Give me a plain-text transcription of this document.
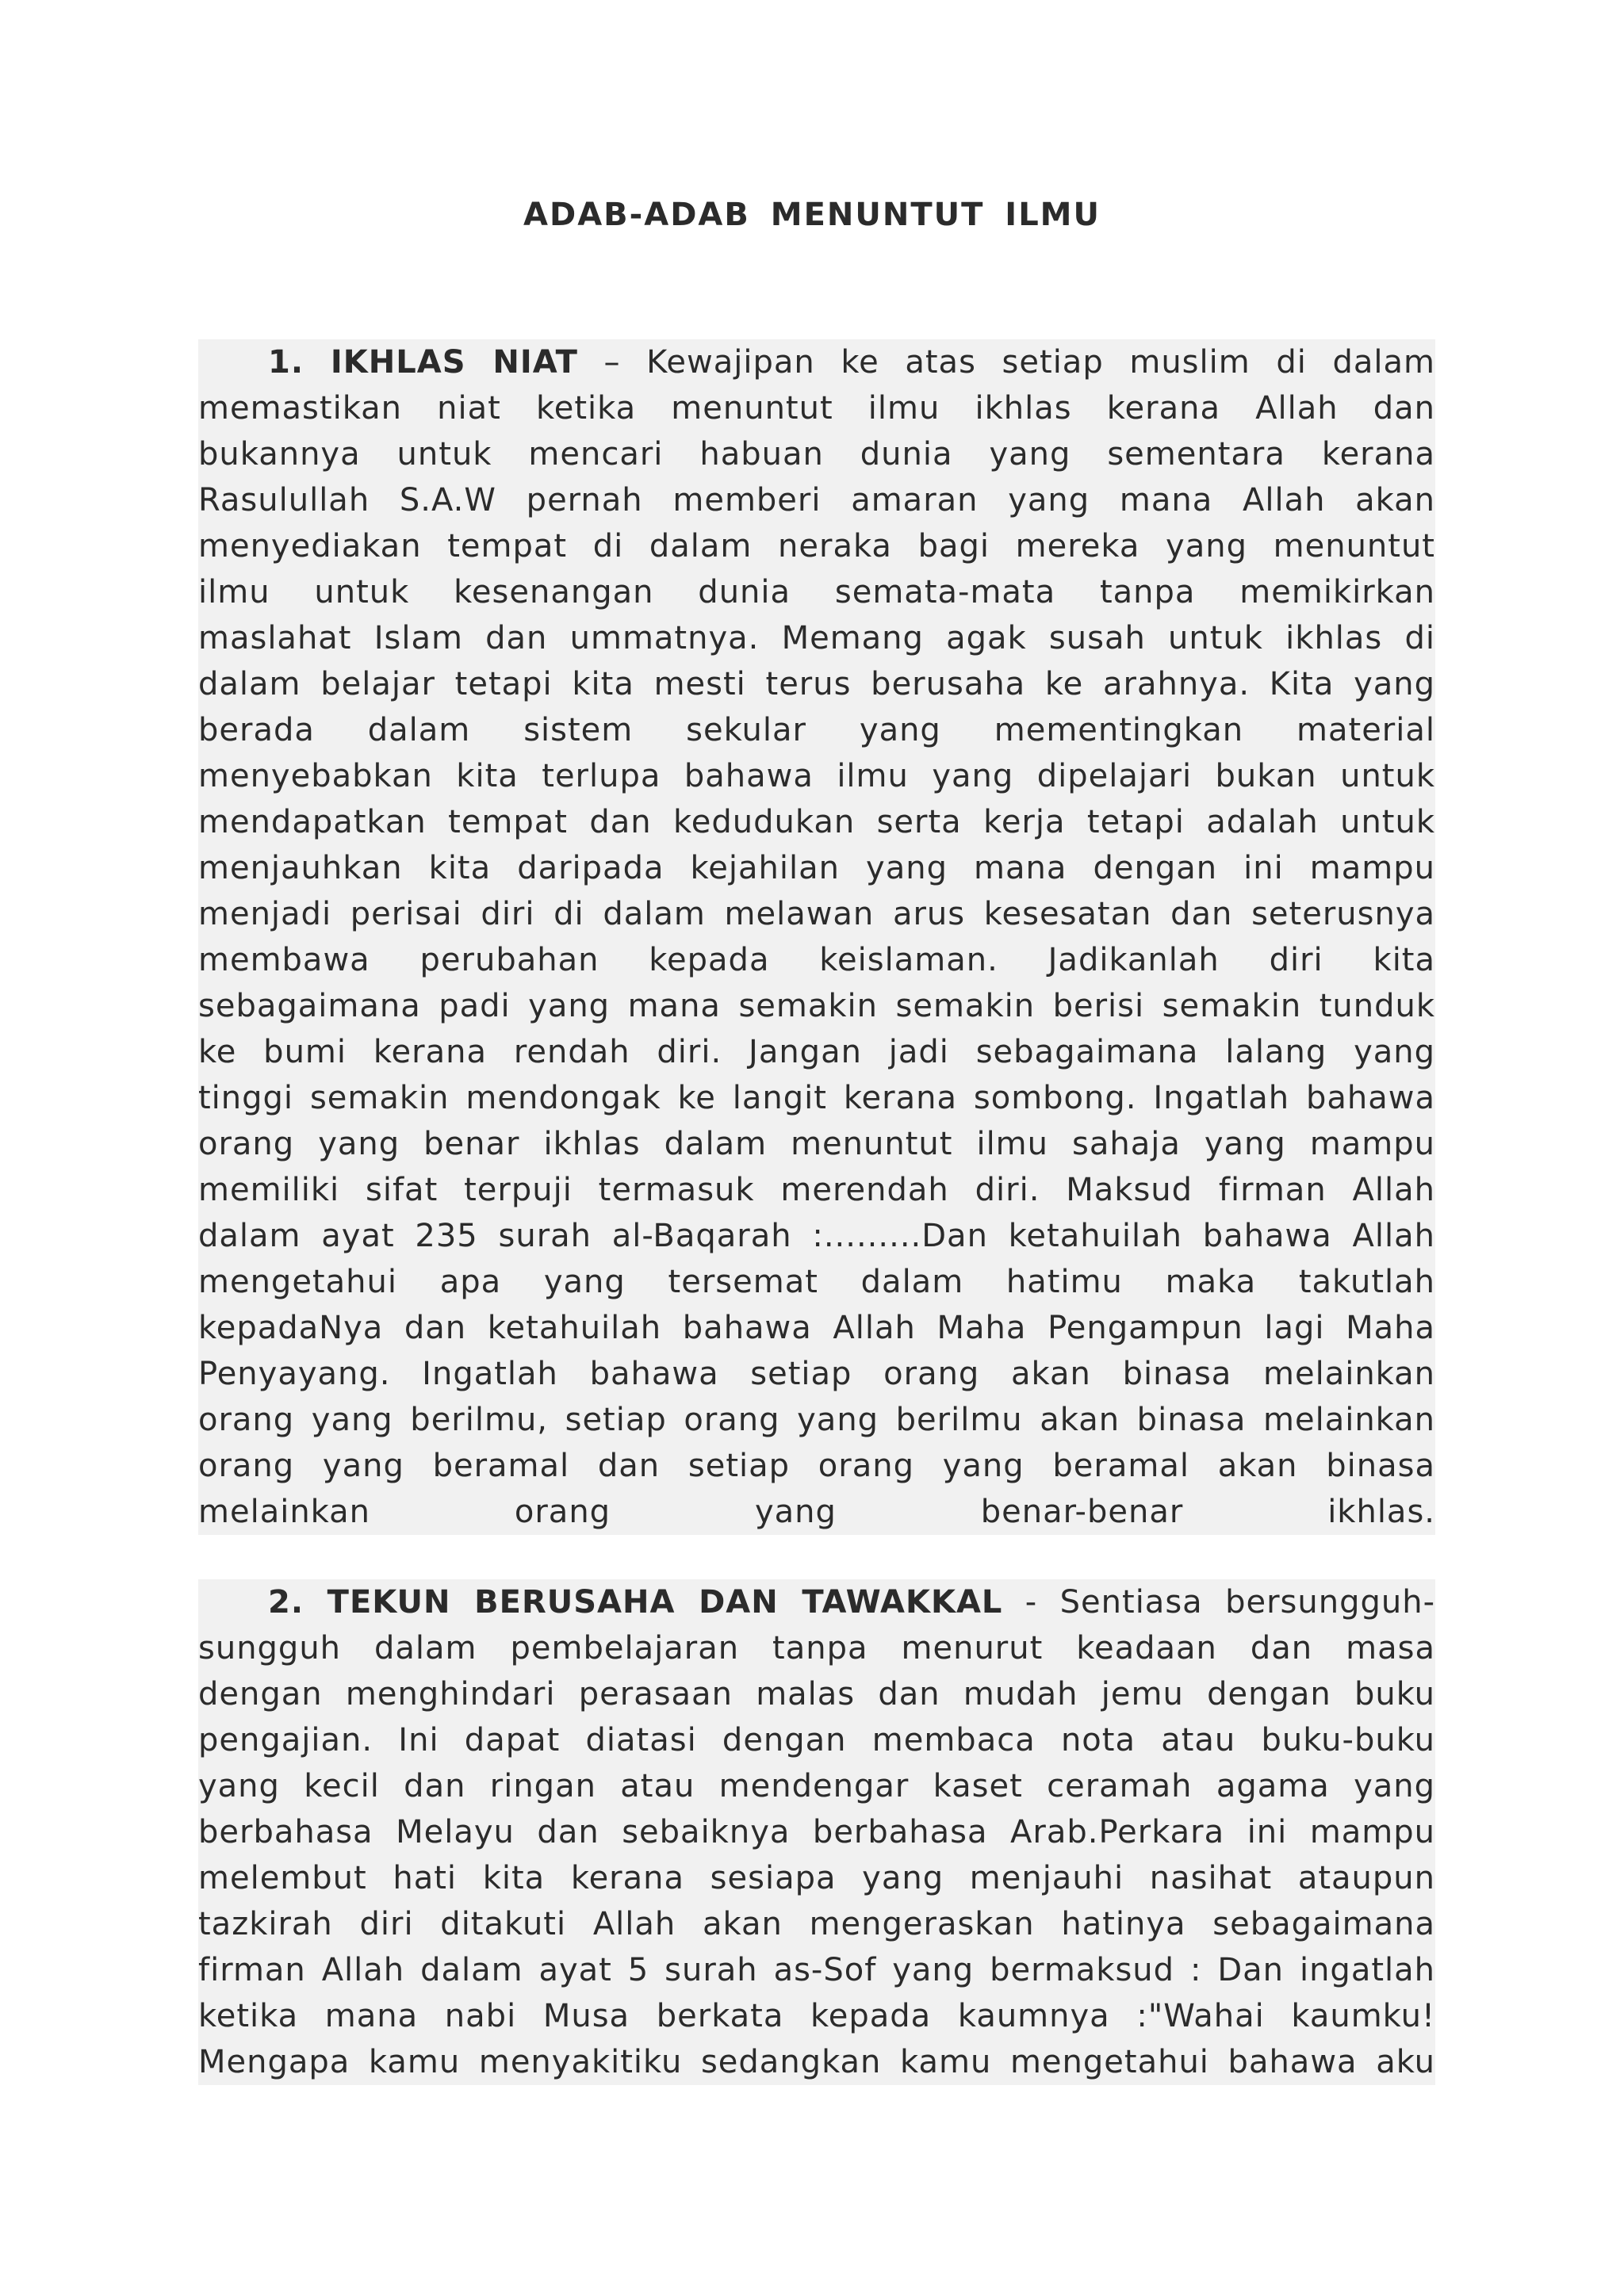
ADAB-ADAB MENUNTUT ILMU
1. IKHLAS NIAT – Kewajipan ke atas setiap muslim di dalam
memastikan niat ketika menuntut ilmu ikhlas kerana Allah dan
bukannya untuk mencari habuan dunia yang sementara kerana
Rasulullah S.A.W pernah memberi amaran yang mana Allah akan
menyediakan tempat di dalam neraka bagi mereka yang menuntut
ilmu untuk kesenangan dunia semata-mata tanpa memikirkan
maslahat Islam dan ummatnya. Memang agak susah untuk ikhlas di
dalam belajar tetapi kita mesti terus berusaha ke arahnya. Kita yang
berada dalam sistem sekular yang mementingkan material
menyebabkan kita terlupa bahawa ilmu yang dipelajari bukan untuk
mendapatkan tempat dan kedudukan serta kerja tetapi adalah untuk
menjauhkan kita daripada kejahilan yang mana dengan ini mampu
menjadi perisai diri di dalam melawan arus kesesatan dan seterusnya
membawa perubahan kepada keislaman. Jadikanlah diri kita
sebagaimana padi yang mana semakin semakin berisi semakin tunduk
ke bumi kerana rendah diri. Jangan jadi sebagaimana lalang yang
tinggi semakin mendongak ke langit kerana sombong. Ingatlah bahawa
orang yang benar ikhlas dalam menuntut ilmu sahaja yang mampu
memiliki sifat terpuji termasuk merendah diri. Maksud firman Allah
dalam ayat 235 surah al-Baqarah :.........Dan ketahuilah bahawa Allah
mengetahui apa yang tersemat dalam hatimu maka takutlah
kepadaNya dan ketahuilah bahawa Allah Maha Pengampun lagi Maha
Penyayang. Ingatlah bahawa setiap orang akan binasa melainkan
orang yang berilmu, setiap orang yang berilmu akan binasa melainkan
orang yang beramal dan setiap orang yang beramal akan binasa
melainkan orang yang benar-benar ikhlas.
2. TEKUN BERUSAHA DAN TAWAKKAL - Sentiasa bersungguh-
sungguh dalam pembelajaran tanpa menurut keadaan dan masa
dengan menghindari perasaan malas dan mudah jemu dengan buku
pengajian. Ini dapat diatasi dengan membaca nota atau buku-buku
yang kecil dan ringan atau mendengar kaset ceramah agama yang
berbahasa Melayu dan sebaiknya berbahasa Arab.Perkara ini mampu
melembut hati kita kerana sesiapa yang menjauhi nasihat ataupun
tazkirah diri ditakuti Allah akan mengeraskan hatinya sebagaimana
firman Allah dalam ayat 5 surah as-Sof yang bermaksud : Dan ingatlah
ketika mana nabi Musa berkata kepada kaumnya :"Wahai kaumku!
Mengapa kamu menyakitiku sedangkan kamu mengetahui bahawa aku
